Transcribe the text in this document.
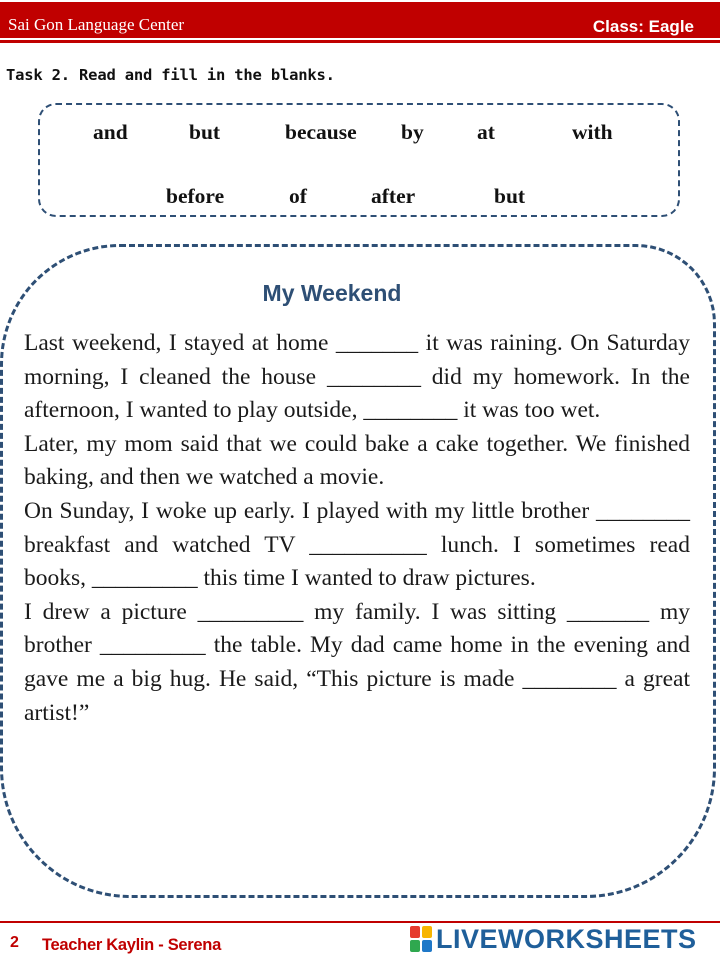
Sai Gon Language Center	Class: Eagle
Task 2. Read and fill in the blanks.
and	but	because by at	with
before	of	after	but
My Weekend

Last weekend, I stayed at home _______ it was raining. On Saturday morning, I cleaned the house ________ did my homework. In the afternoon, I wanted to play outside, ________ it was too wet.

Later, my mom said that we could bake a cake together. We finished baking, and then we watched a movie.

On Sunday, I woke up early. I played with my little brother ________ breakfast and watched TV __________ lunch. I sometimes read books, _________ this time I wanted to draw pictures.

I drew a picture _________ my family. I was sitting _______ my brother _________ the table. My dad came home in the evening and gave me a big hug. He said, “This picture is made ________ a great artist!”

2 Teacher Kaylin - Serena	LIVEWORKSHEETS
